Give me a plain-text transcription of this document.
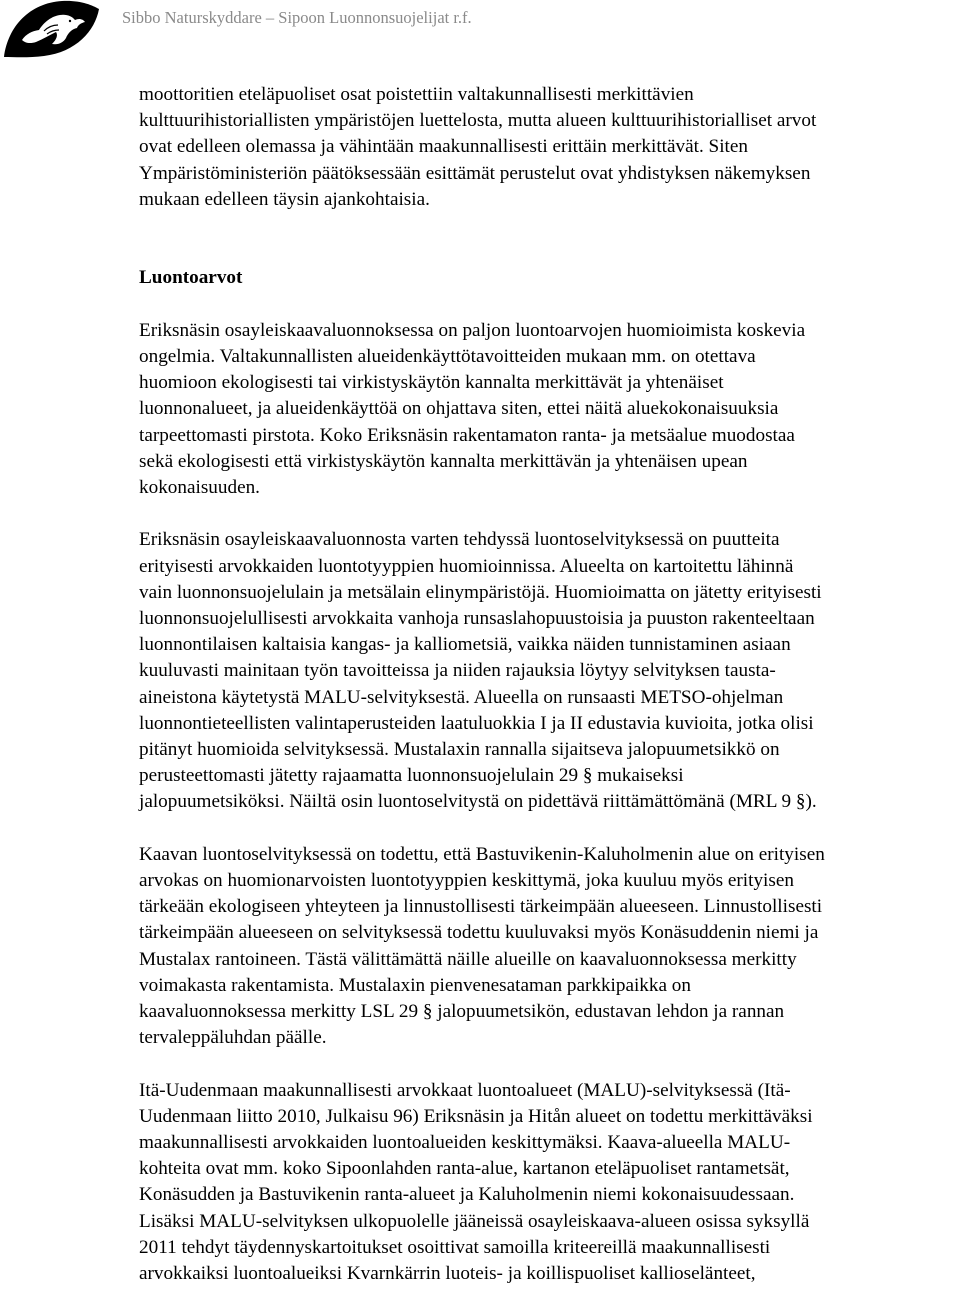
Sibbo Naturskyddare – Sipoon Luonnonsuojelijat r.f.

moottoritien eteläpuoliset osat poistettiin valtakunnallisesti merkittävien
kulttuurihistoriallisten ympäristöjen luettelosta, mutta alueen kulttuurihistorialliset arvot
ovat edelleen olemassa ja vähintään maakunnallisesti erittäin merkittävät. Siten
Ympäristöministeriön päätöksessään esittämät perustelut ovat yhdistyksen näkemyksen
mukaan edelleen täysin ajankohtaisia.

Luontoarvot

Eriksnäsin osayleiskaavaluonnoksessa on paljon luontoarvojen huomioimista koskevia
ongelmia. Valtakunnallisten alueidenkäyttötavoitteiden mukaan mm. on otettava
huomioon ekologisesti tai virkistyskäytön kannalta merkittävät ja yhtenäiset
luonnonalueet, ja alueidenkäyttöä on ohjattava siten, ettei näitä aluekokonaisuuksia
tarpeettomasti pirstota. Koko Eriksnäsin rakentamaton ranta- ja metsäalue muodostaa
sekä ekologisesti että virkistyskäytön kannalta merkittävän ja yhtenäisen upean
kokonaisuuden.

Eriksnäsin osayleiskaavaluonnosta varten tehdyssä luontoselvityksessä on puutteita
erityisesti arvokkaiden luontotyyppien huomioinnissa. Alueelta on kartoitettu lähinnä
vain luonnonsuojelulain ja metsälain elinympäristöjä. Huomioimatta on jätetty erityisesti
luonnonsuojelullisesti arvokkaita vanhoja runsaslahopuustoisia ja puuston rakenteeltaan
luonnontilaisen kaltaisia kangas- ja kalliometsiä, vaikka näiden tunnistaminen asiaan
kuuluvasti mainitaan työn tavoitteissa ja niiden rajauksia löytyy selvityksen tausta-
aineistona käytetystä MALU-selvityksestä. Alueella on runsaasti METSO-ohjelman
luonnontieteellisten valintaperusteiden laatuluokkia I ja II edustavia kuvioita, jotka olisi
pitänyt huomioida selvityksessä. Mustalaxin rannalla sijaitseva jalopuumetsikkö on
perusteettomasti jätetty rajaamatta luonnonsuojelulain 29 § mukaiseksi
jalopuumetsiköksi. Näiltä osin luontoselvitystä on pidettävä riittämättömänä (MRL 9 §).

Kaavan luontoselvityksessä on todettu, että Bastuvikenin-Kaluholmenin alue on erityisen
arvokas on huomionarvoisten luontotyyppien keskittymä, joka kuuluu myös erityisen
tärkeään ekologiseen yhteyteen ja linnustollisesti tärkeimpään alueeseen. Linnustollisesti
tärkeimpään alueeseen on selvityksessä todettu kuuluvaksi myös Konäsuddenin niemi ja
Mustalax rantoineen. Tästä välittämättä näille alueille on kaavaluonnoksessa merkitty
voimakasta rakentamista. Mustalaxin pienvenesataman parkkipaikka on
kaavaluonnoksessa merkitty LSL 29 § jalopuumetsikön, edustavan lehdon ja rannan
tervaleppäluhdan päälle.

Itä-Uudenmaan maakunnallisesti arvokkaat luontoalueet (MALU)-selvityksessä (Itä-
Uudenmaan liitto 2010, Julkaisu 96) Eriksnäsin ja Hitån alueet on todettu merkittäväksi
maakunnallisesti arvokkaiden luontoalueiden keskittymäksi. Kaava-alueella MALU-
kohteita ovat mm. koko Sipoonlahden ranta-alue, kartanon eteläpuoliset rantametsät,
Konäsudden ja Bastuvikenin ranta-alueet ja Kaluholmenin niemi kokonaisuudessaan.
Lisäksi MALU-selvityksen ulkopuolelle jääneissä osayleiskaava-alueen osissa syksyllä
2011 tehdyt täydennyskartoitukset osoittivat samoilla kriteereillä maakunnallisesti
arvokkaiksi luontoalueiksi Kvarnkärrin luoteis- ja koillispuoliset kallioselänteet,
